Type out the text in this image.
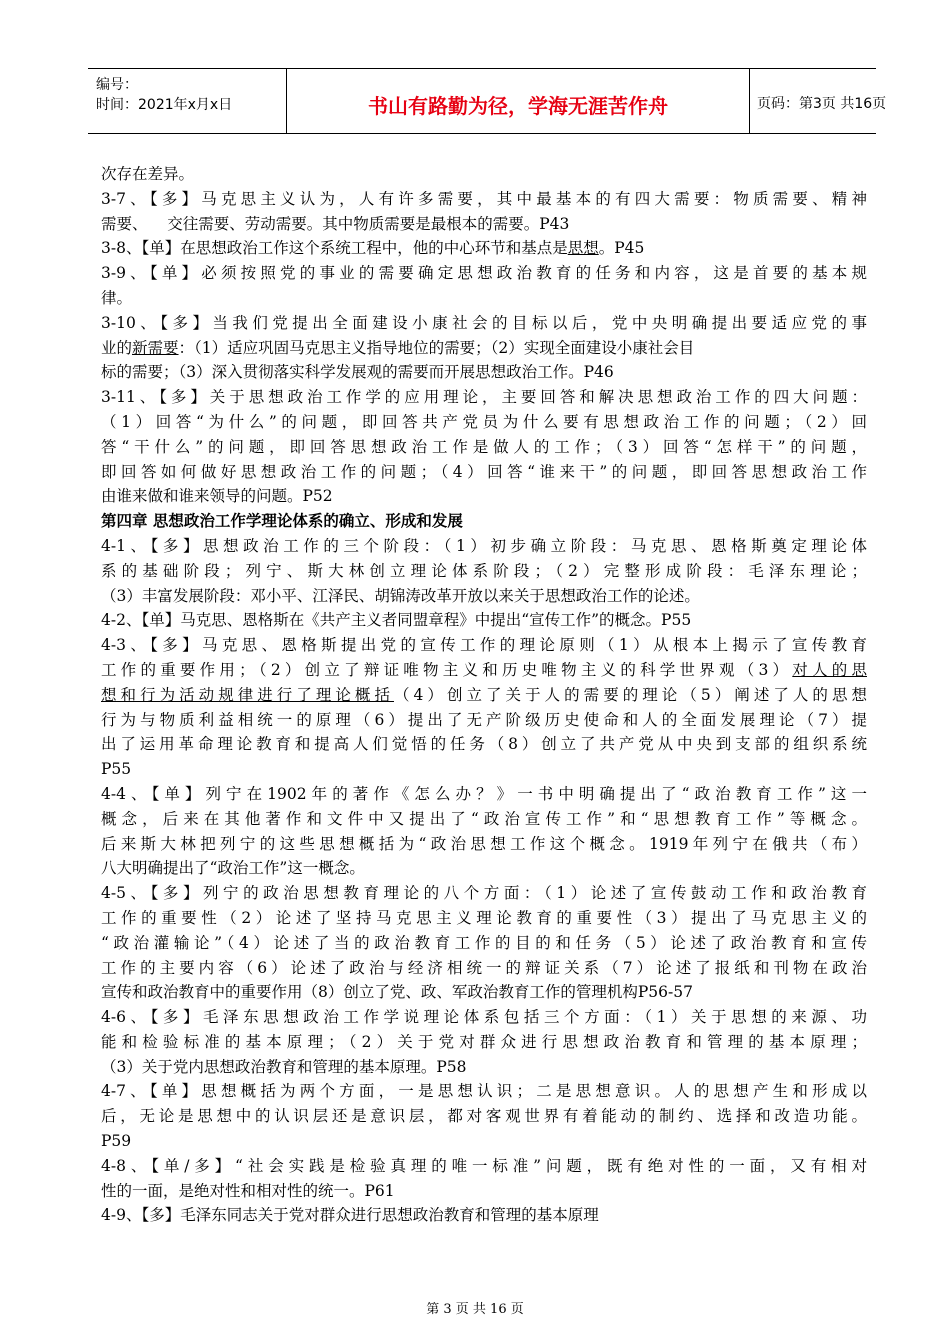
编号：
时间：2021年x月x日	书山有路勤为径，学海无涯苦作舟	页码：第3页 共16页
次存在差异。
3-7、【多】马克思主义认为，人有许多需要，其中最基本的有四大需要：物质需要、精神
需要、    交往需要、劳动需要。其中物质需要是最根本的需要。P43
3-8、【单】在思想政治工作这个系统工程中，他的中心环节和基点是思想。P45
3-9、【单】必须按照党的事业的需要确定思想政治教育的任务和内容，这是首要的基本规
律。
3-10、【多】当我们党提出全面建设小康社会的目标以后，党中央明确提出要适应党的事
业的新需要：（1）适应巩固马克思主义指导地位的需要；（2）实现全面建设小康社会目
标的需要；（3）深入贯彻落实科学发展观的需要而开展思想政治工作。P46
3-11、【多】关于思想政治工作学的应用理论，主要回答和解决思想政治工作的四大问题：
（1）回答“为什么”的问题，即回答共产党员为什么要有思想政治工作的问题；（2）回
答“干什么”的问题，即回答思想政治工作是做人的工作；（3）回答“怎样干”的问题，
即回答如何做好思想政治工作的问题；（4）回答“谁来干”的问题，即回答思想政治工作
由谁来做和谁来领导的问题。P52
第四章 思想政治工作学理论体系的确立、形成和发展
4-1、【多】思想政治工作的三个阶段：（1）初步确立阶段：马克思、恩格斯奠定理论体
系的基础阶段；列宁、斯大林创立理论体系阶段；（2）完整形成阶段：毛泽东理论；
（3）丰富发展阶段：邓小平、江泽民、胡锦涛改革开放以来关于思想政治工作的论述。
4-2、【单】马克思、恩格斯在《共产主义者同盟章程》中提出“宣传工作”的概念。P55
4-3、【多】马克思、恩格斯提出党的宣传工作的理论原则（1）从根本上揭示了宣传教育
工作的重要作用；（2）创立了辩证唯物主义和历史唯物主义的科学世界观（3）对人的思
想和行为活动规律进行了理论概括（4）创立了关于人的需要的理论（5）阐述了人的思想
行为与物质利益相统一的原理（6）提出了无产阶级历史使命和人的全面发展理论（7）提
出了运用革命理论教育和提高人们觉悟的任务（8）创立了共产党从中央到支部的组织系统
P55
4-4、【单】列宁在1902年的著作《怎么办？》一书中明确提出了“政治教育工作”这一
概念，后来在其他著作和文件中又提出了“政治宣传工作”和“思想教育工作”等概念。
后来斯大林把列宁的这些思想概括为“政治思想工作这个概念。1919年列宁在俄共（布）
八大明确提出了“政治工作”这一概念。
4-5、【多】列宁的政治思想教育理论的八个方面：（1）论述了宣传鼓动工作和政治教育
工作的重要性（2）论述了坚持马克思主义理论教育的重要性（3）提出了马克思主义的
“政治灌输论”（4）论述了当的政治教育工作的目的和任务（5）论述了政治教育和宣传
工作的主要内容（6）论述了政治与经济相统一的辩证关系（7）论述了报纸和刊物在政治
宣传和政治教育中的重要作用（8）创立了党、政、军政治教育工作的管理机构P56-57
4-6、【多】毛泽东思想政治工作学说理论体系包括三个方面：（1）关于思想的来源、功
能和检验标准的基本原理；（2）关于党对群众进行思想政治教育和管理的基本原理；
（3）关于党内思想政治教育和管理的基本原理。P58
4-7、【单】思想概括为两个方面，一是思想认识；二是思想意识。人的思想产生和形成以
后，无论是思想中的认识层还是意识层，都对客观世界有着能动的制约、选择和改造功能。
P59
4-8、【单/多】“社会实践是检验真理的唯一标准”问题，既有绝对性的一面，又有相对
性的一面，是绝对性和相对性的统一。P61
4-9、【多】毛泽东同志关于党对群众进行思想政治教育和管理的基本原理
第 3 页 共 16 页
